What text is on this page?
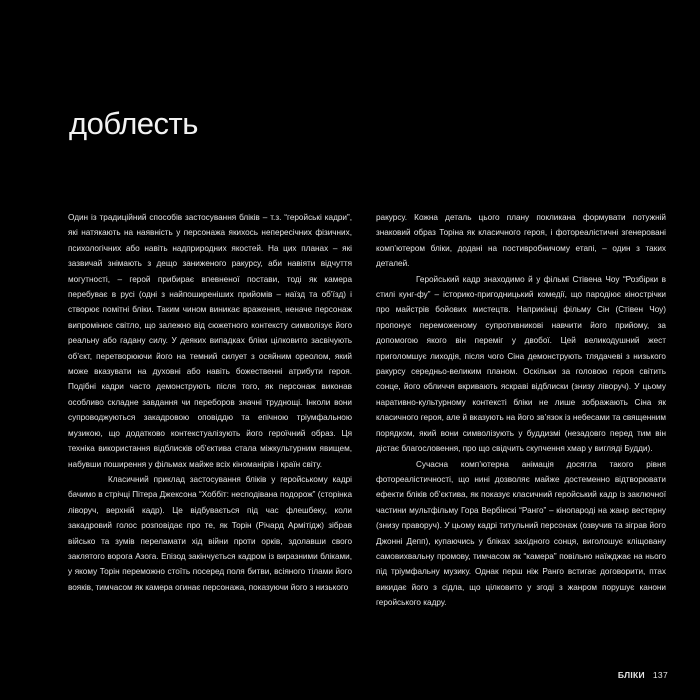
доблесть

Один із традиційний способів застосування бліків – т.з. “геройські кадри”, які натякають на наявність у персонажа якихось непересічних фізичних, психологічних або навіть надприродних якостей. На цих планах – які зазвичай знімають з дещо заниженого ракурсу, аби навіяти відчуття могутності, – герой прибирає впевненої постави, тоді як камера перебуває в русі (одні з найпоширеніших прийомів – наїзд та об’їзд) і створює помітні бліки. Таким чином виникає враження, неначе персонаж випромінює світло, що залежно від сюжетного контексту символізує його реальну або гадану силу. У деяких випадках бліки цілковито засвічують об’єкт, перетворюючи його на темний силует з осяйним ореолом, який може вказувати на духовні або навіть божественні атрибути героя. Подібні кадри часто демонструють після того, як персонаж виконав особливо складне завдання чи переборов значні труднощі. Інколи вони супроводжуються закадровою оповіддю та епічною тріумфальною музикою, що додатково контекстуалізують його героїчний образ. Ця техніка використання відблисків об’єктива стала міжкультурним явищем, набувши поширення у фільмах майже всіх кіноманірів і країн світу.

Класичний приклад застосування бліків у геройському кадрі бачимо в стрічці Пітера Джексона “Хоббіт: несподівана подорож” (сторінка ліворуч, верхній кадр). Це відбувається під час флешбеку, коли закадровий голос розповідає про те, як Торін (Річард Армітідж) зібрав військо та зумів переламати хід війни проти орків, здолавши свого заклятого ворога Азога. Епізод закінчується кадром із виразними бліками, у якому Торін переможно стоїть посеред поля битви, всіяного тілами його вояків, тимчасом як камера огинає персонажа, показуючи його з низького

ракурсу. Кожна деталь цього плану покликана формувати потужній знаковий образ Торіна як класичного героя, і фотореалістичні згенеровані комп’ютером бліки, додані на постивробничому етапі, – один з таких деталей.

Геройський кадр знаходимо й у фільмі Стівена Чоу “Розбірки в стилі кунг-фу” – історико-пригодницький комедії, що пародіює кінострічки про майстрів бойових мистецтв. Наприкінці фільму Сін (Стівен Чоу) пропонує переможеному супротивникові навчити його прийому, за допомогою якого він переміг у двобої. Цей великодушний жест приголомшує лиходія, після чого Сіна демонструють тлядачеві з низького ракурсу середньо-великим планом. Оскільки за головою героя світить сонце, його обличчя вкривають яскраві відблиски (знизу ліворуч). У цьому наративно-культурному контексті бліки не лише зображають Сіна як класичного героя, але й вказують на його зв’язок із небесами та священним порядком, який вони символізують у буддизмі (незадовго перед тим він дістає благословення, про що свідчить скупчення хмар у вигляді Будди).

Сучасна комп’ютерна анімація досягла такого рівня фотореалістичності, що нині дозволяє майже достеменно відтворювати ефекти бліків об’єктива, як показує класичний геройський кадр із заключної частини мультфільму Гора Вербінскі “Ранго” – кінопароді на жанр вестерну (знизу праворуч). У цьому кадрі титульний персонаж (озвучив та зіграв його Джонні Депп), купаючись у бліках західного сонця, виголошує кліщовану самовихвальну промову, тимчасом як “камера” повільно наїжджає на нього під тріумфальну музику. Однак перш ніж Ранго встигає договорити, птах викидає його з сідла, що цілковито у згоді з жанром порушує канони геройського кадру.

БЛІКИ 137
